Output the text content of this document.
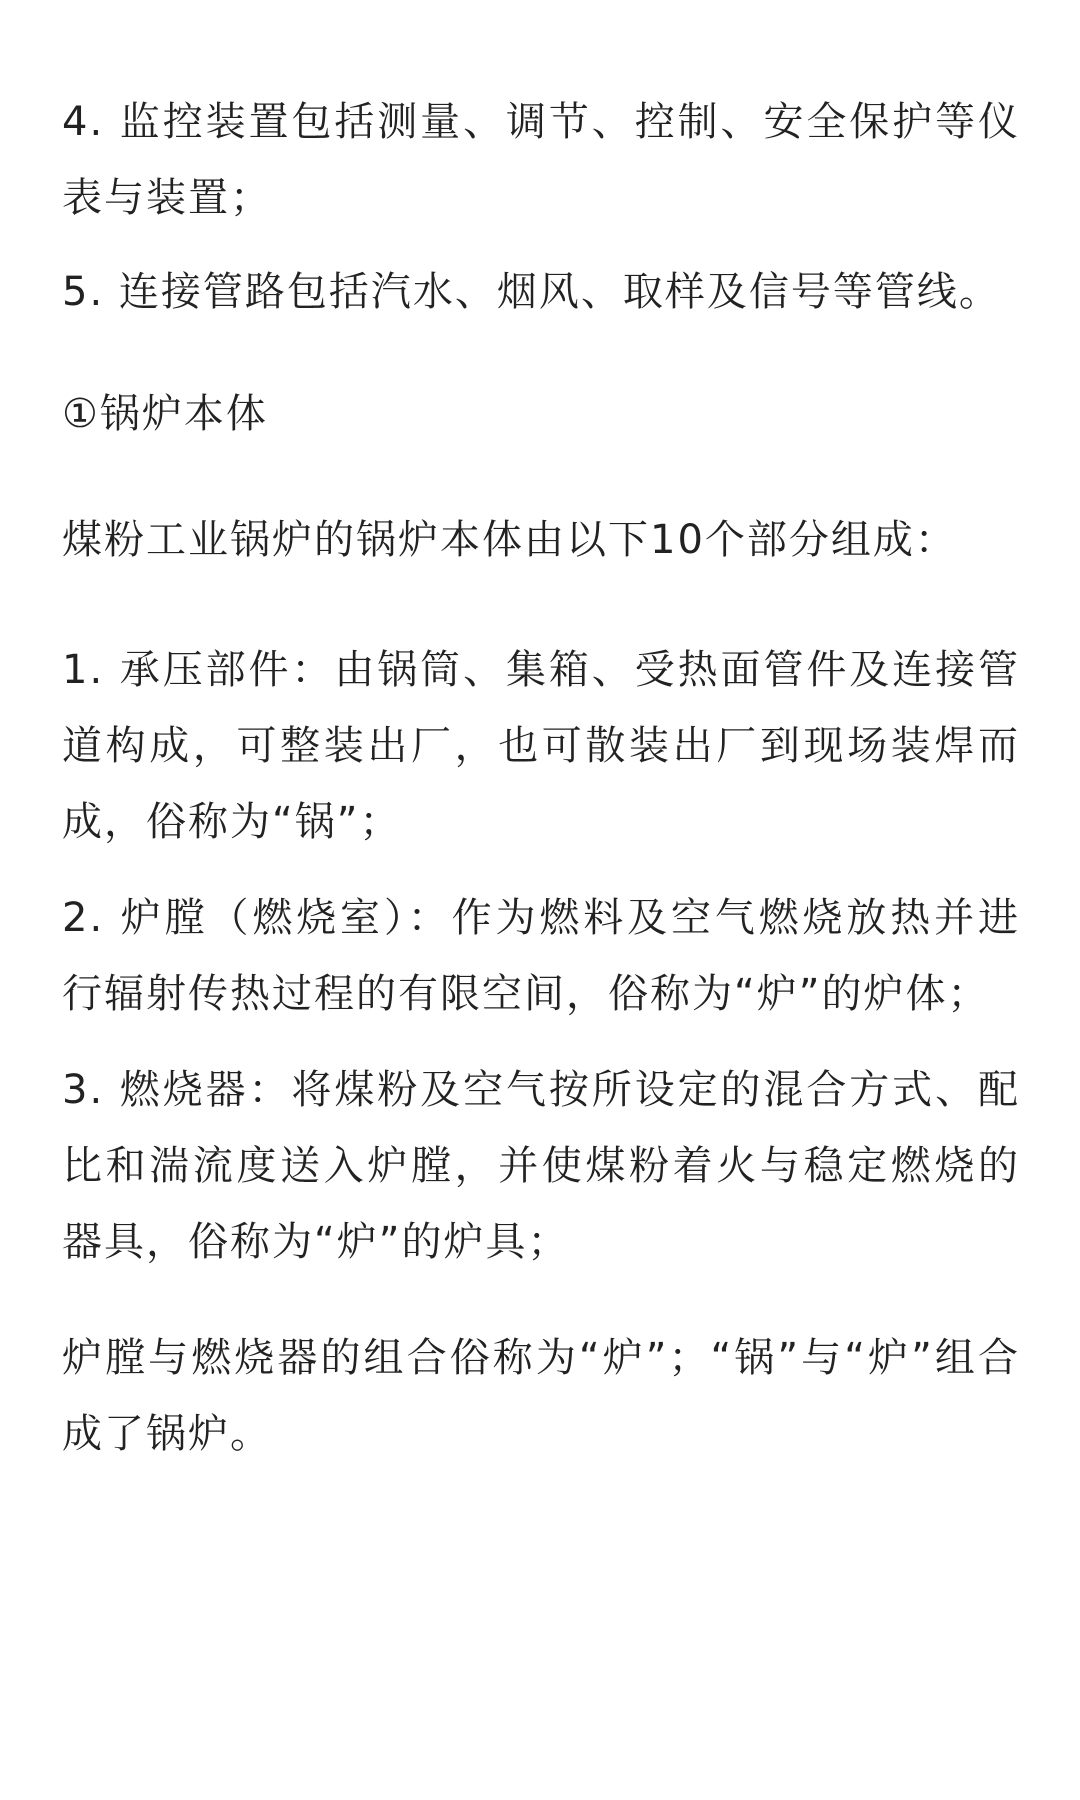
4. 监控装置包括测量、调节、控制、安全保护等仪表与装置；

5. 连接管路包括汽水、烟风、取样及信号等管线。

①锅炉本体

煤粉工业锅炉的锅炉本体由以下10个部分组成：

1. 承压部件：由锅筒、集箱、受热面管件及连接管道构成，可整装出厂，也可散装出厂到现场装焊而成，俗称为“锅”；

2. 炉膛（燃烧室）：作为燃料及空气燃烧放热并进行辐射传热过程的有限空间，俗称为“炉”的炉体；

3. 燃烧器：将煤粉及空气按所设定的混合方式、配比和湍流度送入炉膛，并使煤粉着火与稳定燃烧的器具，俗称为“炉”的炉具；

炉膛与燃烧器的组合俗称为“炉”；“锅”与“炉”组合成了锅炉。
